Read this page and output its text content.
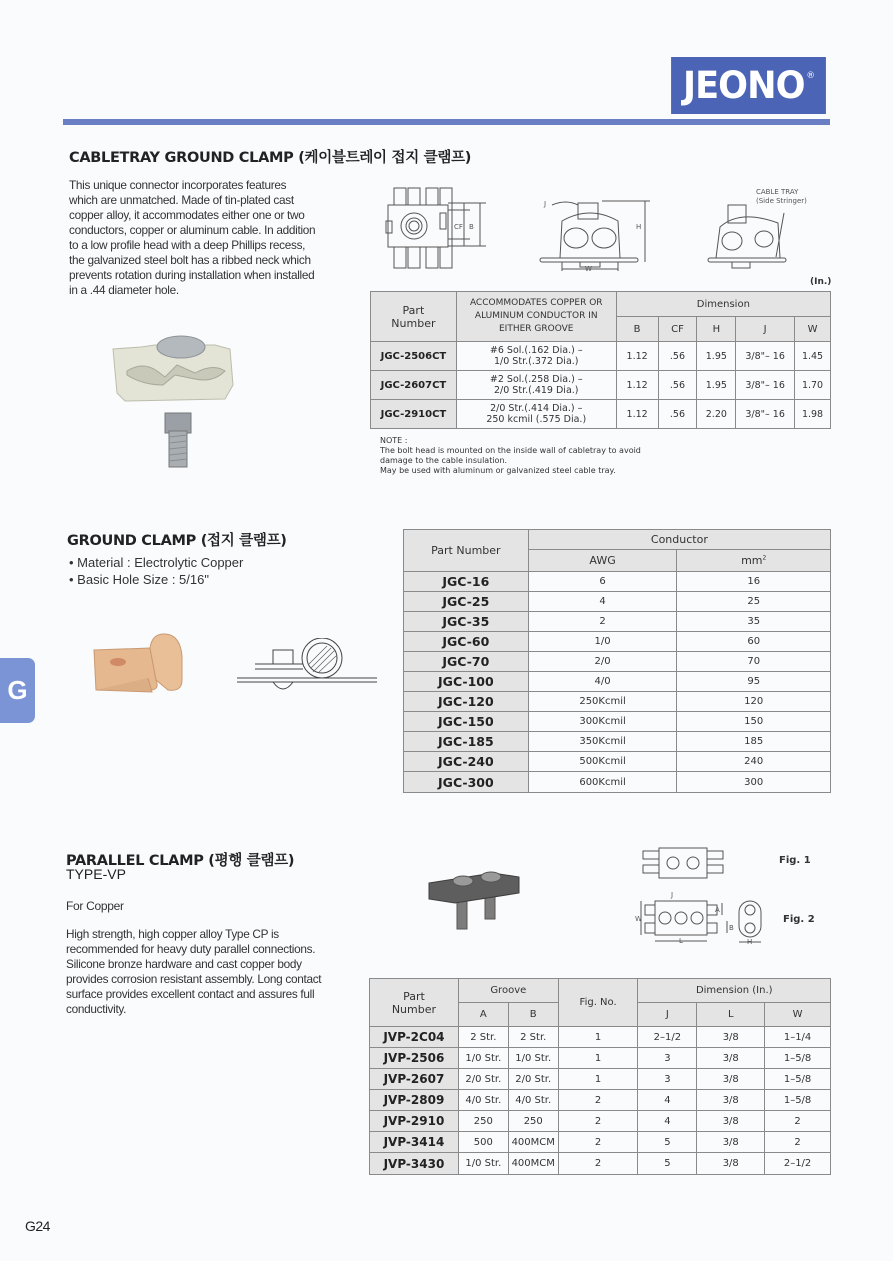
JEONO®
G
CABLETRAY GROUND CLAMP (케이블트레이 접지 클램프)
This unique connector incorporates features
which are unmatched. Made of tin-plated cast
copper alloy, it accommodates either one or two
conductors, copper or aluminum cable. In addition
to a low profile head with a deep Phillips recess,
the galvanized steel bolt has a ribbed neck which
prevents rotation during installation when installed
in a .44 diameter hole.
CF B
J
H
W
CABLE TRAY
(Side Stringer)
(In.)
Part Number	ACCOMMODATES COPPER OR ALUMINUM CONDUCTOR IN EITHER GROOVE	Dimension				
		B	CF	H	J	W
JGC-2506CT	#6 Sol.(.162 Dia.) –
1/0 Str.(.372 Dia.)	1.12	.56	1.95	3/8"– 16	1.45
JGC-2607CT	#2 Sol.(.258 Dia.) –
2/0 Str.(.419 Dia.)	1.12	.56	1.95	3/8"– 16	1.70
JGC-2910CT	2/0 Str.(.414 Dia.) –
250 kcmil (.575 Dia.)	1.12	.56	2.20	3/8"– 16	1.98
NOTE :
The bolt head is mounted on the inside wall of cabletray to avoid
damage to the cable insulation.
May be used with aluminum or galvanized steel cable tray.
GROUND CLAMP (접지 클램프)
• Material : Electrolytic Copper
• Basic Hole Size : 5/16"
Part Number	Conductor	
	AWG	$mm^2$
JGC-16	6	16
JGC-25	4	25
JGC-35	2	35
JGC-60	1/0	60
JGC-70	2/0	70
JGC-100	4/0	95
JGC-120	250Kcmil	120
JGC-150	300Kcmil	150
JGC-185	350Kcmil	185
JGC-240	500Kcmil	240
JGC-300	600Kcmil	300
PARALLEL CLAMP (평행 클램프)
TYPE-VP
For Copper
High strength, high copper alloy Type CP is
recommended for heavy duty parallel connections.
Silicone bronze hardware and cast copper body
provides corrosion resistant assembly. Long contact
surface provides excellent contact and assures full
conductivity.
J
W
L
A
B
H
Fig. 1
Fig. 2
Part Number	Groove		Fig. No.	Dimension (In.)		
	A	B		J	L	W
JVP-2C04	2 Str.	2 Str.	1	2–1/2	3/8	1–1/4
JVP-2506	1/0 Str.	1/0 Str.	1	3	3/8	1–5/8
JVP-2607	2/0 Str.	2/0 Str.	1	3	3/8	1–5/8
JVP-2809	4/0 Str.	4/0 Str.	2	4	3/8	1–5/8
JVP-2910	250	250	2	4	3/8	2
JVP-3414	500	400MCM	2	5	3/8	2
JVP-3430	1/0 Str.	400MCM	2	5	3/8	2–1/2
G24
